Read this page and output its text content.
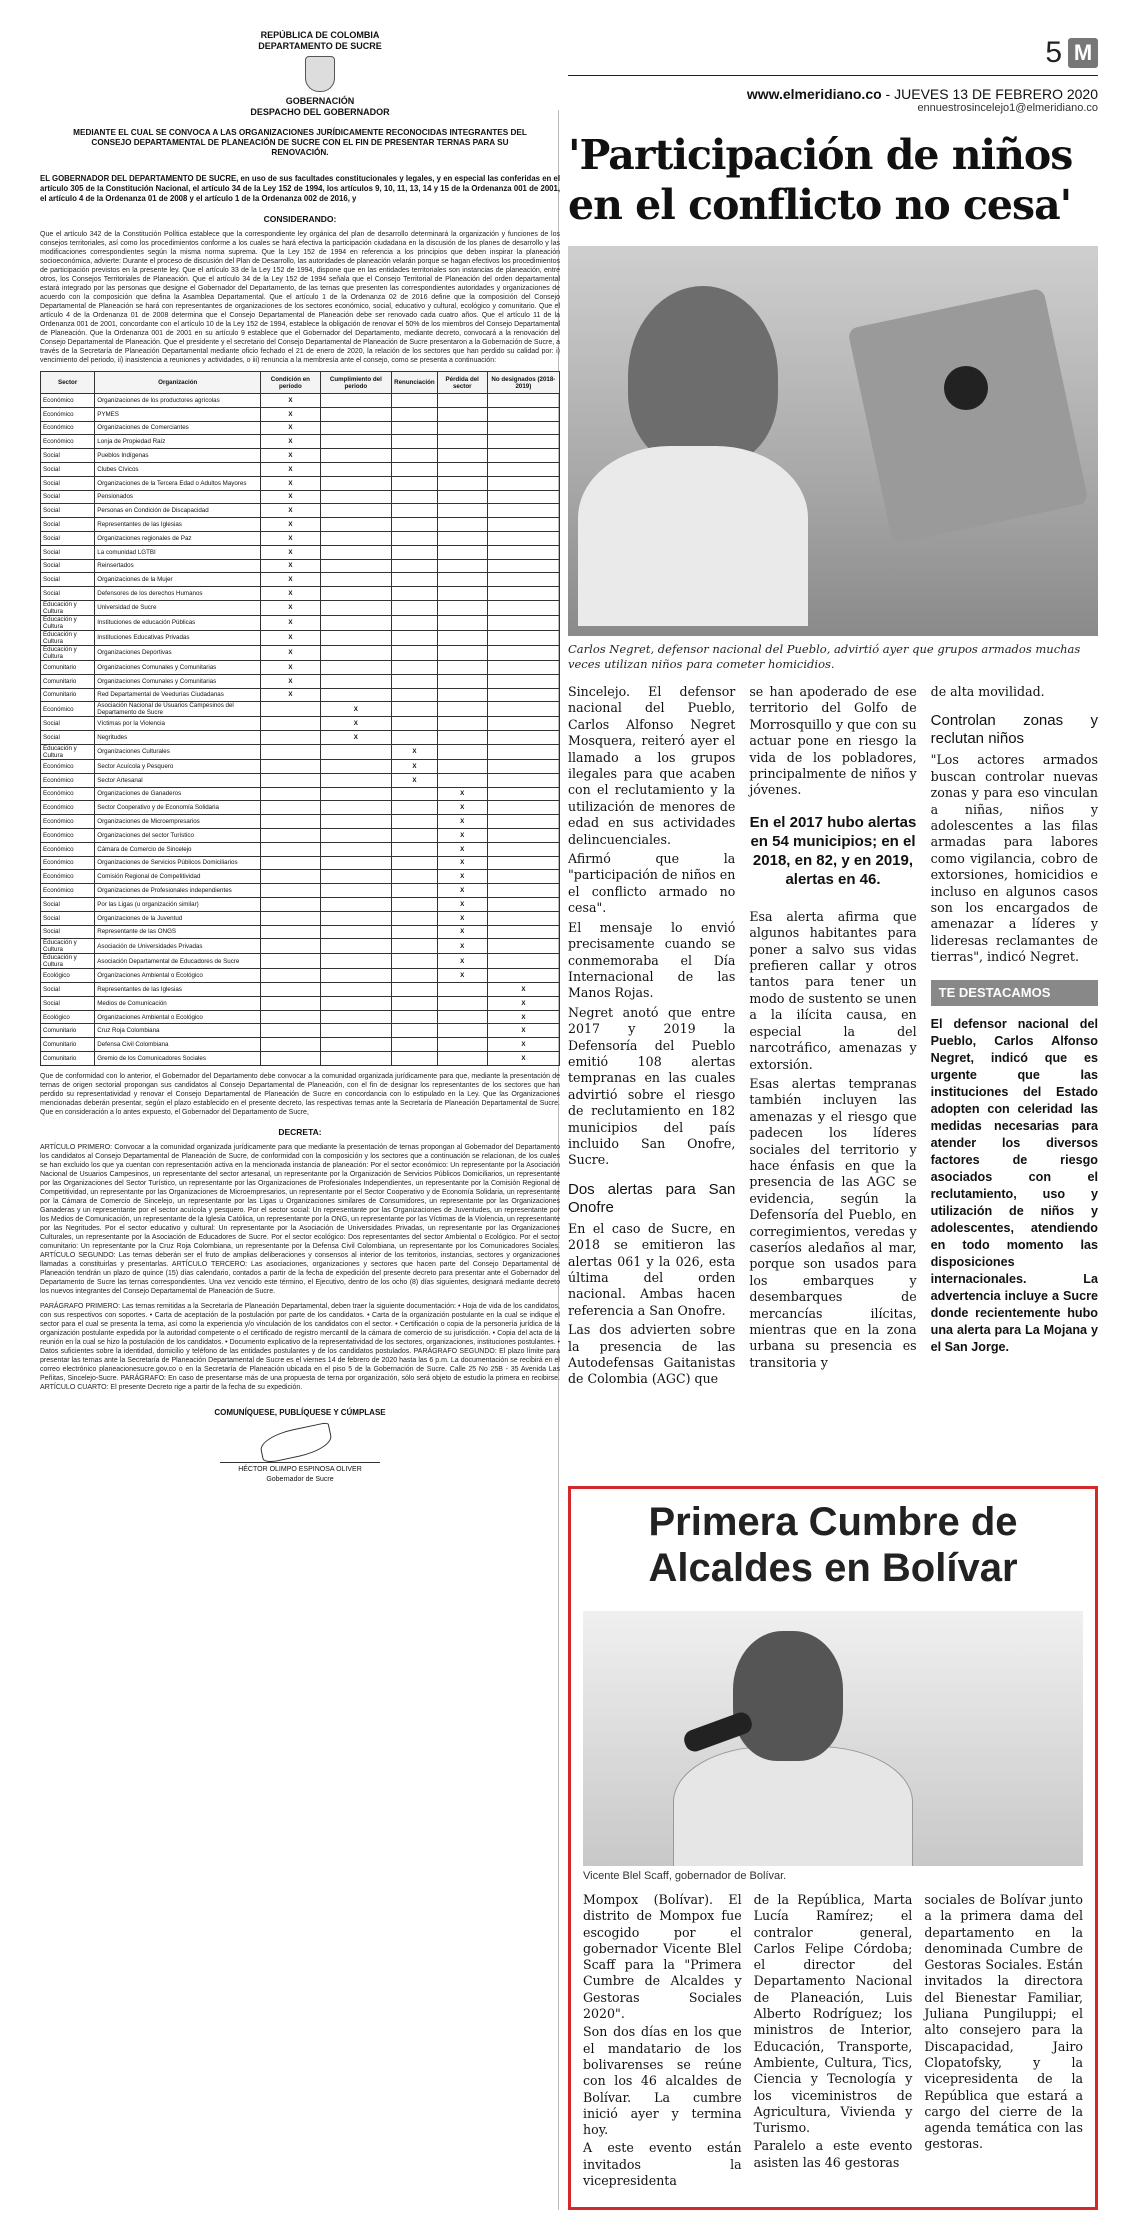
REPÚBLICA DE COLOMBIA
DEPARTAMENTO DE SUCRE
GOBERNACIÓN
DESPACHO DEL GOBERNADOR
MEDIANTE EL CUAL SE CONVOCA A LAS ORGANIZACIONES JURÍDICAMENTE RECONOCIDAS INTEGRANTES DEL CONSEJO DEPARTAMENTAL DE PLANEACIÓN DE SUCRE CON EL FIN DE PRESENTAR TERNAS PARA SU RENOVACIÓN.
EL GOBERNADOR DEL DEPARTAMENTO DE SUCRE, en uso de sus facultades constitucionales y legales, y en especial las conferidas en el artículo 305 de la Constitución Nacional, el artículo 34 de la Ley 152 de 1994, los artículos 9, 10, 11, 13, 14 y 15 de la Ordenanza 001 de 2001, el artículo 4 de la Ordenanza 01 de 2008 y el artículo 1 de la Ordenanza 002 de 2016, y
CONSIDERANDO:
Que el artículo 342 de la Constitución Política establece que la correspondiente ley orgánica del plan de desarrollo determinará la organización y funciones de los consejos territoriales, así como los procedimientos conforme a los cuales se hará efectiva la participación ciudadana en la discusión de los planes de desarrollo y las modificaciones correspondientes según la misma norma suprema. Que la Ley 152 de 1994 en referencia a los principios que deben inspirar la planeación socioeconómica, advierte: Durante el proceso de discusión del Plan de Desarrollo, las autoridades de planeación velarán porque se hagan efectivos los procedimientos de participación previstos en la presente ley. Que el artículo 33 de la Ley 152 de 1994, dispone que en las entidades territoriales son instancias de planeación, entre otros, los Consejos Territoriales de Planeación. Que el artículo 34 de la Ley 152 de 1994 señala que el Consejo Territorial de Planeación del orden departamental estará integrado por las personas que designe el Gobernador del Departamento, de las ternas que presenten las correspondientes autoridades y organizaciones de acuerdo con la composición que defina la Asamblea Departamental. Que el artículo 1 de la Ordenanza 02 de 2016 define que la composición del Consejo Departamental de Planeación se hará con representantes de organizaciones de los sectores económico, social, educativo y cultural, ecológico y comunitario. Que el artículo 4 de la Ordenanza 01 de 2008 determina que el Consejo Departamental de Planeación debe ser renovado cada cuatro años. Que el artículo 11 de la Ordenanza 001 de 2001, concordante con el artículo 10 de la Ley 152 de 1994, establece la obligación de renovar el 50% de los miembros del Consejo Departamental de Planeación. Que la Ordenanza 001 de 2001 en su artículo 9 establece que el Gobernador del Departamento, mediante decreto, convocará a la renovación del Consejo Departamental de Planeación. Que el presidente y el secretario del Consejo Departamental de Planeación de Sucre presentaron a la Gobernación de Sucre, a través de la Secretaría de Planeación Departamental mediante oficio fechado el 21 de enero de 2020, la relación de los sectores que han perdido su calidad por: i) vencimiento del periodo, ii) inasistencia a reuniones y actividades, o iii) renuncia a la membresía ante el consejo, como se presenta a continuación:
Sector	Organización	Condición en período	Cumplimiento del periodo	Renunciación	Pérdida del sector	No designados (2018-2019)
Económico	Organizaciones de los productores agrícolas	X				
Económico	PYMES	X				
Económico	Organizaciones de Comerciantes	X				
Económico	Lonja de Propiedad Raíz	X				
Social	Pueblos Indígenas	X				
Social	Clubes Cívicos	X				
Social	Organizaciones de la Tercera Edad o Adultos Mayores	X				
Social	Pensionados	X				
Social	Personas en Condición de Discapacidad	X				
Social	Representantes de las Iglesias	X				
Social	Organizaciones regionales de Paz	X				
Social	La comunidad LGTBI	X				
Social	Reinsertados	X				
Social	Organizaciones de la Mujer	X				
Social	Defensores de los derechos Humanos	X				
Educación y Cultura	Universidad de Sucre	X				
Educación y Cultura	Instituciones de educación Públicas	X				
Educación y Cultura	Instituciones Educativas Privadas	X				
Educación y Cultura	Organizaciones Deportivas	X				
Comunitario	Organizaciones Comunales y Comunitarias	X				
Comunitario	Organizaciones Comunales y Comunitarias	X				
Comunitario	Red Departamental de Veedurías Ciudadanas	X				
Económico	Asociación Nacional de Usuarios Campesinos del Departamento de Sucre		X			
Social	Víctimas por la Violencia		X			
Social	Negritudes		X			
Educación y Cultura	Organizaciones Culturales			X		
Económico	Sector Acuícola y Pesquero			X		
Económico	Sector Artesanal			X		
Económico	Organizaciones de Ganaderos				X	
Económico	Sector Cooperativo y de Economía Solidaria				X	
Económico	Organizaciones de Microempresarios				X	
Económico	Organizaciones del sector Turístico				X	
Económico	Cámara de Comercio de Sincelejo				X	
Económico	Organizaciones de Servicios Públicos Domiciliarios				X	
Económico	Comisión Regional de Competitividad				X	
Económico	Organizaciones de Profesionales independientes				X	
Social	Por las Ligas (u organización similar)				X	
Social	Organizaciones de la Juventud				X	
Social	Representante de las ONGS				X	
Educación y Cultura	Asociación de Universidades Privadas				X	
Educación y Cultura	Asociación Departamental de Educadores de Sucre				X	
Ecológico	Organizaciones Ambiental o Ecológico				X	
Social	Representantes de las Iglesias					X
Social	Medios de Comunicación					X
Ecológico	Organizaciones Ambiental o Ecológico					X
Comunitario	Cruz Roja Colombiana					X
Comunitario	Defensa Civil Colombiana					X
Comunitario	Gremio de los Comunicadores Sociales					X
Que de conformidad con lo anterior, el Gobernador del Departamento debe convocar a la comunidad organizada jurídicamente para que, mediante la presentación de ternas de origen sectorial propongan sus candidatos al Consejo Departamental de Planeación, con el fin de designar los representantes de los sectores que han perdido su representatividad y renovar el Consejo Departamental de Planeación de Sucre en concordancia con lo estipulado en la Ley. Que las Organizaciones mencionadas deberán presentar, según el plazo establecido en el presente decreto, las respectivas ternas ante la Secretaría de Planeación Departamental de Sucre. Que en consideración a lo antes expuesto, el Gobernador del Departamento de Sucre,
DECRETA:
ARTÍCULO PRIMERO: Convocar a la comunidad organizada jurídicamente para que mediante la presentación de ternas propongan al Gobernador del Departamento los candidatos al Consejo Departamental de Planeación de Sucre, de conformidad con la composición y los sectores que a continuación se relacionan, de los cuales se han excluido los que ya cuentan con representación activa en la mencionada instancia de planeación: Por el sector económico: Un representante por la Asociación Nacional de Usuarios Campesinos, un representante del sector artesanal, un representante por la Organización de Servicios Públicos Domiciliarios, un representante por las Organizaciones del Sector Turístico, un representante por las Organizaciones de Profesionales Independientes, un representante por la Comisión Regional de Competitividad, un representante por las Organizaciones de Microempresarios, un representante por el Sector Cooperativo y de Economía Solidaria, un representante por la Cámara de Comercio de Sincelejo, un representante por las Ligas u Organizaciones similares de Consumidores, un representante por las Organizaciones Ganaderas y un representante por el sector acuícola y pesquero. Por el sector social: Un representante por las Organizaciones de Juventudes, un representante por los Medios de Comunicación, un representante de la Iglesia Católica, un representante por la ONG, un representante por las Víctimas de la Violencia, un representante por las Negritudes. Por el sector educativo y cultural: Un representante por la Asociación de Universidades Privadas, un representante por las Organizaciones Culturales, un representante por la Asociación de Educadores de Sucre. Por el sector ecológico: Dos representantes del sector Ambiental o Ecológico. Por el sector comunitario: Un representante por la Cruz Roja Colombiana, un representante por la Defensa Civil Colombiana, un representante por los Comunicadores Sociales. ARTÍCULO SEGUNDO: Las ternas deberán ser el fruto de amplias deliberaciones y consensos al interior de los territorios, instancias, sectores y organizaciones llamadas a constituirlas y presentarlas. ARTÍCULO TERCERO: Las asociaciones, organizaciones y sectores que hacen parte del Consejo Departamental de Planeación tendrán un plazo de quince (15) días calendario, contados a partir de la fecha de expedición del presente decreto para presentar ante el Gobernador del Departamento de Sucre las ternas correspondientes. Una vez vencido este término, el Ejecutivo, dentro de los ocho (8) días siguientes, designará mediante decreto los nuevos integrantes del Consejo Departamental de Planeación de Sucre.
PARÁGRAFO PRIMERO: Las ternas remitidas a la Secretaría de Planeación Departamental, deben traer la siguiente documentación: • Hoja de vida de los candidatos, con sus respectivos con soportes. • Carta de aceptación de la postulación por parte de los candidatos. • Carta de la organización postulante en la cual se indique el sector para el cual se presenta la terna, así como la experiencia y/o vinculación de los candidatos con el sector. • Certificación o copia de la personería jurídica de la organización postulante expedida por la autoridad competente o el certificado de registro mercantil de la cámara de comercio de su jurisdicción. • Copia del acta de la reunión en la cual se hizo la postulación de los candidatos. • Documento explicativo de la representatividad de los sectores, organizaciones, instituciones postulantes. • Datos suficientes sobre la identidad, domicilio y teléfono de las entidades postulantes y de los candidatos postulados. PARÁGRAFO SEGUNDO: El plazo límite para presentar las ternas ante la Secretaría de Planeación Departamental de Sucre es el viernes 14 de febrero de 2020 hasta las 6 p.m. La documentación se recibirá en el correo electrónico planeacionesucre.gov.co o en la Secretaría de Planeación ubicada en el piso 5 de la Gobernación de Sucre. Calle 25 No 25B - 35 Avenida Las Peñitas, Sincelejo-Sucre. PARÁGRAFO: En caso de presentarse más de una propuesta de terna por organización, sólo será objeto de estudio la primera en recibirse. ARTÍCULO CUARTO: El presente Decreto rige a partir de la fecha de su expedición.
COMUNÍQUESE, PUBLÍQUESE Y CÚMPLASE
HÉCTOR OLIMPO ESPINOSA OLIVER
Gobernador de Sucre
5 M
www.elmeridiano.co - JUEVES 13 DE FEBRERO 2020
ennuestrosincelejo1@elmeridiano.co
'Participación de niños en el conflicto no cesa'
Carlos Negret, defensor nacional del Pueblo, advirtió ayer que grupos armados muchas veces utilizan niños para cometer homicidios.

Sincelejo. El defensor nacional del Pueblo, Carlos Alfonso Negret Mosquera, reiteró ayer el llamado a los grupos ilegales para que acaben con el reclutamiento y la utilización de menores de edad en sus actividades delincuenciales.

Afirmó que la "participación de niños en el conflicto armado no cesa".

El mensaje lo envió precisamente cuando se conmemoraba el Día Internacional de las Manos Rojas.

Negret anotó que entre 2017 y 2019 la Defensoría del Pueblo emitió 108 alertas tempranas en las cuales advirtió sobre el riesgo de reclutamiento en 182 municipios del país incluido San Onofre, Sucre.

Dos alertas para San Onofre

En el caso de Sucre, en 2018 se emitieron las alertas 061 y la 026, esta última del orden nacional. Ambas hacen referencia a San Onofre.

Las dos advierten sobre la presencia de las Autodefensas Gaitanistas de Colombia (AGC) que

se han apoderado de ese territorio del Golfo de Morrosquillo y que con su actuar pone en riesgo la vida de los pobladores, principalmente de niños y jóvenes.

En el 2017 hubo alertas en 54 municipios; en el 2018, en 82, y en 2019, alertas en 46.

Esa alerta afirma que algunos habitantes para poner a salvo sus vidas prefieren callar y otros tantos para tener un modo de sustento se unen a la ilícita causa, en especial la del narcotráfico, amenazas y extorsión.

Esas alertas tempranas también incluyen las amenazas y el riesgo que padecen los líderes sociales del territorio y hace énfasis en que la presencia de las AGC se evidencia, según la Defensoría del Pueblo, en corregimientos, veredas y caseríos aledaños al mar, porque son usados para los embarques y desembarques de mercancías ilícitas, mientras que en la zona urbana su presencia es transitoria y

de alta movilidad.

Controlan zonas y reclutan niños

"Los actores armados buscan controlar nuevas zonas y para eso vinculan a niñas, niños y adolescentes a las filas armadas para labores como vigilancia, cobro de extorsiones, homicidios e incluso en algunos casos son los encargados de amenazar a líderes y lideresas reclamantes de tierras", indicó Negret.

TE DESTACAMOS
El defensor nacional del Pueblo, Carlos Alfonso Negret, indicó que es urgente que las instituciones del Estado adopten con celeridad las medidas necesarias para atender los diversos factores de riesgo asociados con el reclutamiento, uso y utilización de niños y adolescentes, atendiendo en todo momento las disposiciones internacionales. La advertencia incluye a Sucre donde recientemente hubo una alerta para La Mojana y el San Jorge.
Primera Cumbre de Alcaldes en Bolívar
Vicente Blel Scaff, gobernador de Bolívar.

Mompox (Bolívar). El distrito de Mompox fue escogido por el gobernador Vicente Blel Scaff para la "Primera Cumbre de Alcaldes y Gestoras Sociales 2020".

Son dos días en los que el mandatario de los bolivarenses se reúne con los 46 alcaldes de Bolívar. La cumbre inició ayer y termina hoy.

A este evento están invitados la vicepresidenta

de la República, Marta Lucía Ramírez; el contralor general, Carlos Felipe Córdoba; el director del Departamento Nacional de Planeación, Luis Alberto Rodríguez; los ministros de Interior, Educación, Transporte, Ambiente, Cultura, Tics, Ciencia y Tecnología y los viceministros de Agricultura, Vivienda y Turismo.

Paralelo a este evento asisten las 46 gestoras

sociales de Bolívar junto a la primera dama del departamento en la denominada Cumbre de Gestoras Sociales. Están invitados la directora del Bienestar Familiar, Juliana Pungiluppi; el alto consejero para la Discapacidad, Jairo Clopatofsky, y la vicepresidenta de la República que estará a cargo del cierre de la agenda temática con las gestoras.
